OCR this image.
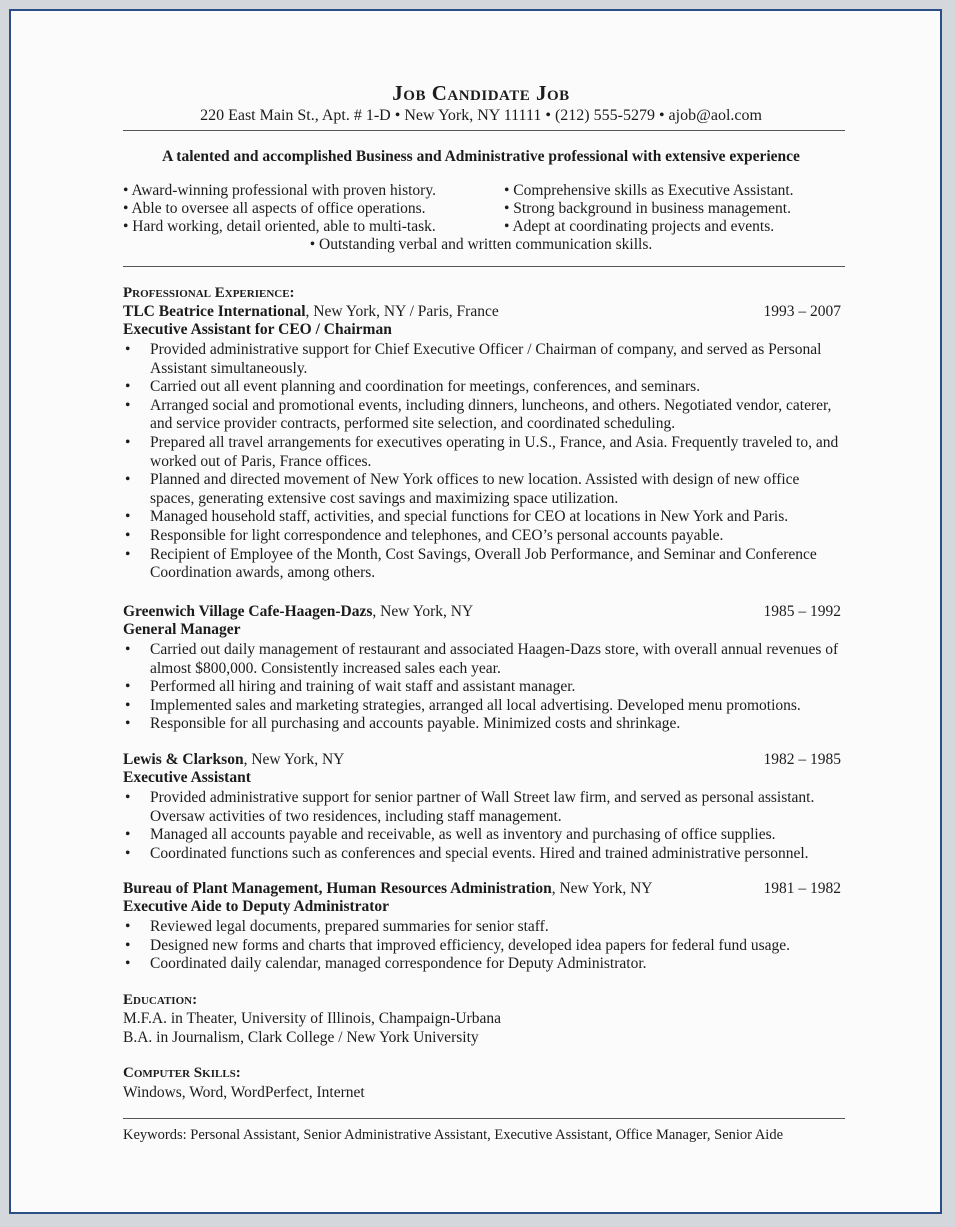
Job Candidate Job
220 East Main St., Apt. # 1-D • New York, NY 11111 • (212) 555-5279 • ajob@aol.com
A talented and accomplished Business and Administrative professional with extensive experience
• Award-winning professional with proven history.
• Able to oversee all aspects of office operations.
• Hard working, detail oriented, able to multi-task.
• Comprehensive skills as Executive Assistant.
• Strong background in business management.
• Adept at coordinating projects and events.
• Outstanding verbal and written communication skills.
Professional Experience:
TLC Beatrice International, New York, NY / Paris, France	1993 – 2007
Executive Assistant for CEO / Chairman
• Provided administrative support for Chief Executive Officer / Chairman of company, and served as Personal Assistant simultaneously.
• Carried out all event planning and coordination for meetings, conferences, and seminars.
• Arranged social and promotional events, including dinners, luncheons, and others. Negotiated vendor, caterer, and service provider contracts, performed site selection, and coordinated scheduling.
• Prepared all travel arrangements for executives operating in U.S., France, and Asia. Frequently traveled to, and worked out of Paris, France offices.
• Planned and directed movement of New York offices to new location. Assisted with design of new office spaces, generating extensive cost savings and maximizing space utilization.
• Managed household staff, activities, and special functions for CEO at locations in New York and Paris.
• Responsible for light correspondence and telephones, and CEO’s personal accounts payable.
• Recipient of Employee of the Month, Cost Savings, Overall Job Performance, and Seminar and Conference Coordination awards, among others.
Greenwich Village Cafe-Haagen-Dazs, New York, NY	1985 – 1992
General Manager
• Carried out daily management of restaurant and associated Haagen-Dazs store, with overall annual revenues of almost $800,000. Consistently increased sales each year.
• Performed all hiring and training of wait staff and assistant manager.
• Implemented sales and marketing strategies, arranged all local advertising. Developed menu promotions.
• Responsible for all purchasing and accounts payable. Minimized costs and shrinkage.
Lewis & Clarkson, New York, NY	1982 – 1985
Executive Assistant
• Provided administrative support for senior partner of Wall Street law firm, and served as personal assistant. Oversaw activities of two residences, including staff management.
• Managed all accounts payable and receivable, as well as inventory and purchasing of office supplies.
• Coordinated functions such as conferences and special events. Hired and trained administrative personnel.
Bureau of Plant Management, Human Resources Administration, New York, NY	1981 – 1982
Executive Aide to Deputy Administrator
• Reviewed legal documents, prepared summaries for senior staff.
• Designed new forms and charts that improved efficiency, developed idea papers for federal fund usage.
• Coordinated daily calendar, managed correspondence for Deputy Administrator.
Education:
M.F.A. in Theater, University of Illinois, Champaign-Urbana
B.A. in Journalism, Clark College / New York University
Computer Skills:
Windows, Word, WordPerfect, Internet
Keywords: Personal Assistant, Senior Administrative Assistant, Executive Assistant, Office Manager, Senior Aide
